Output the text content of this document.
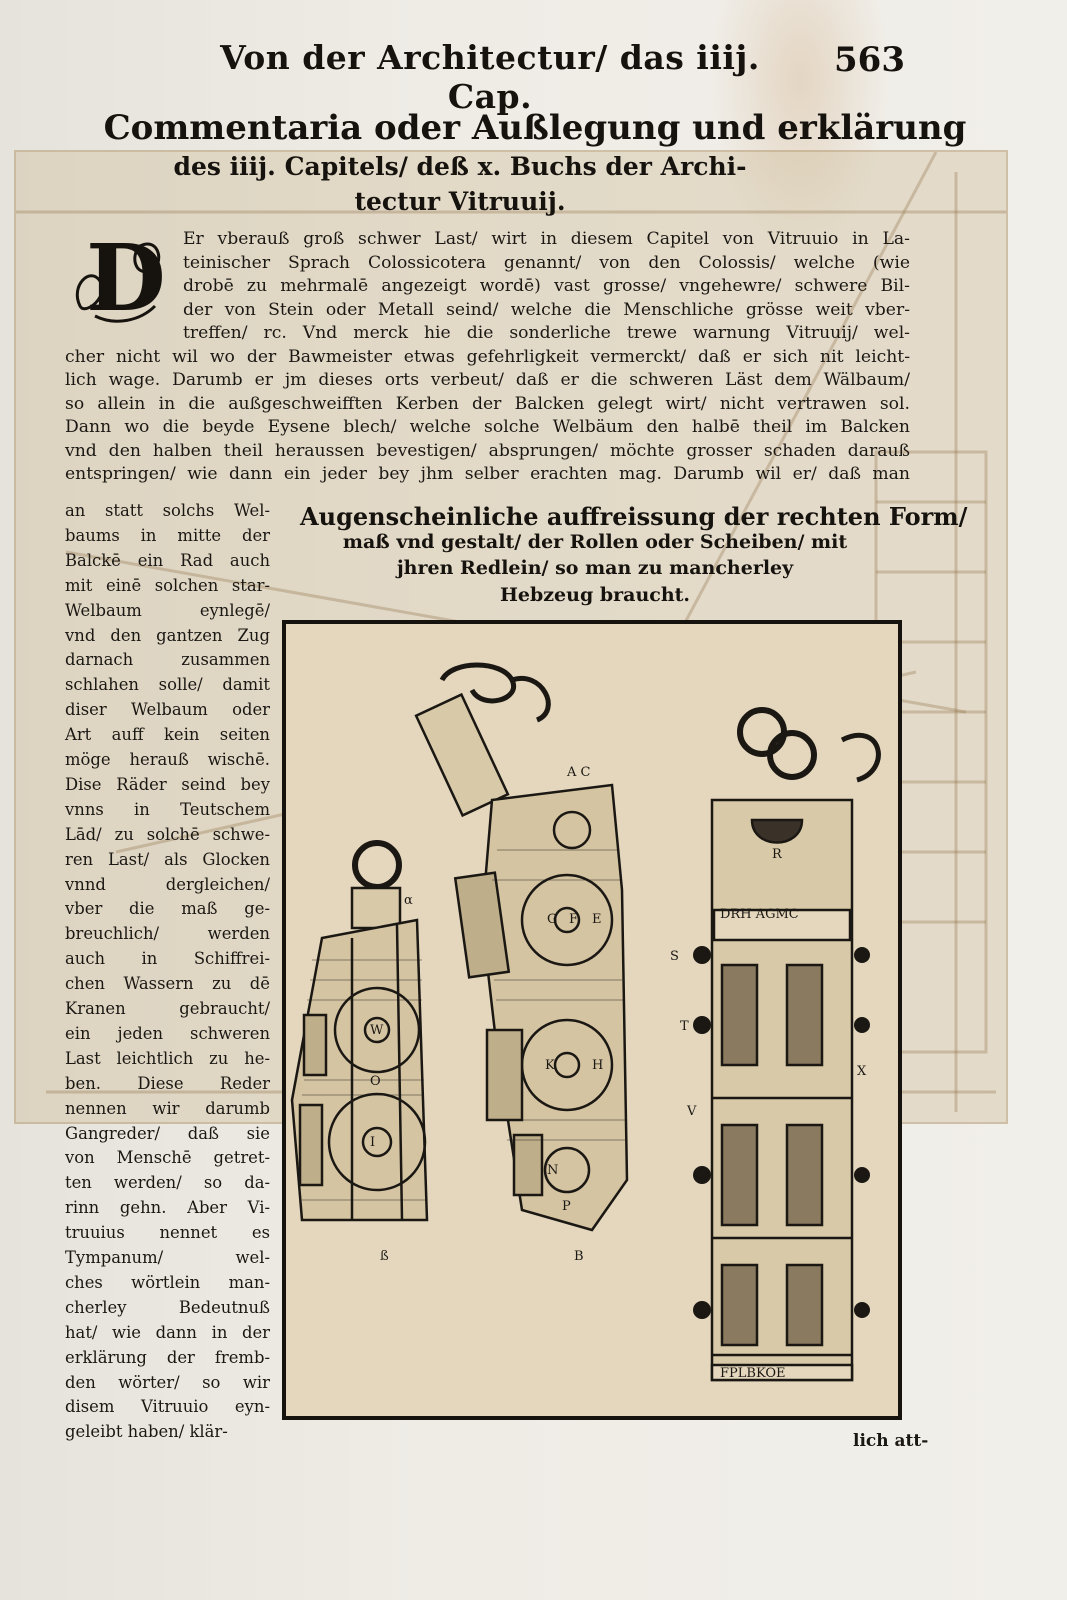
Von der Architectur/ das iiij. Cap.
563
Commentaria oder Außlegung und erklärung
des iiij. Capitels/ deß x. Buchs der Archi-
tectur Vitruuij.
D Er vberauß groß schwer Last/ wirt in diesem Capitel von Vitruuio in La-
teinischer Sprach Colossicotera genannt/ von den Colossis/ welche (wie
drobē zu mehrmalē angezeigt wordē) vast grosse/ vngehewre/ schwere Bil-
der von Stein oder Metall seind/ welche die Menschliche grösse weit vber-
treffen/ rc. Vnd merck hie die sonderliche trewe warnung Vitruuij/ wel-
cher nicht wil wo der Bawmeister etwas gefehrligkeit vermerckt/ daß er sich nit leicht-
lich wage. Darumb er jm dieses orts verbeut/ daß er die schweren Läst dem Wälbaum/
so allein in die außgeschweifften Kerben der Balcken gelegt wirt/ nicht vertrawen sol.
Dann wo die beyde Eysene blech/ welche solche Welbäum den halbē theil im Balcken
vnd den halben theil heraussen bevestigen/ absprungen/ möchte grosser schaden darauß
entspringen/ wie dann ein jeder bey jhm selber erachten mag. Darumb wil er/ daß man
an statt solchs Wel-
baums in mitte der
Balckē ein Rad auch
mit einē solchen star-
Welbaum eynlegē/
vnd den gantzen Zug
darnach zusammen
schlahen solle/ damit
diser Welbaum oder
Art auff kein seiten
möge herauß wischē.
Dise Räder seind bey
vnns in Teutschem
Lād/ zu solchē schwe-
ren Last/ als Glocken
vnnd dergleichen/
vber die maß ge-
breuchlich/ werden
auch in Schiffrei-
chen Wassern zu dē
Kranen gebraucht/
ein jeden schweren
Last leichtlich zu he-
ben. Diese Reder
nennen wir darumb
Gangreder/ daß sie
von Menschē getret-
ten werden/ so da-
rinn gehn. Aber Vi-
truuius nennet es
Tympanum/ wel-
ches wörtlein man-
cherley Bedeutnuß
hat/ wie dann in der
erklärung der fremb-
den wörter/ so wir
disem Vitruuio eyn-
geleibt haben/ klär-
Augenscheinliche auffreissung der rechten Form/
maß vnd gestalt/ der Rollen oder Scheiben/ mit
jhren Redlein/ so man zu mancherley
Hebzeug braucht.
α
ß
W
I
O
A C
B
G F E
K	H
N
P
R
DRH AGMC
S
T
V
X
FPLBKOE
lich att-
